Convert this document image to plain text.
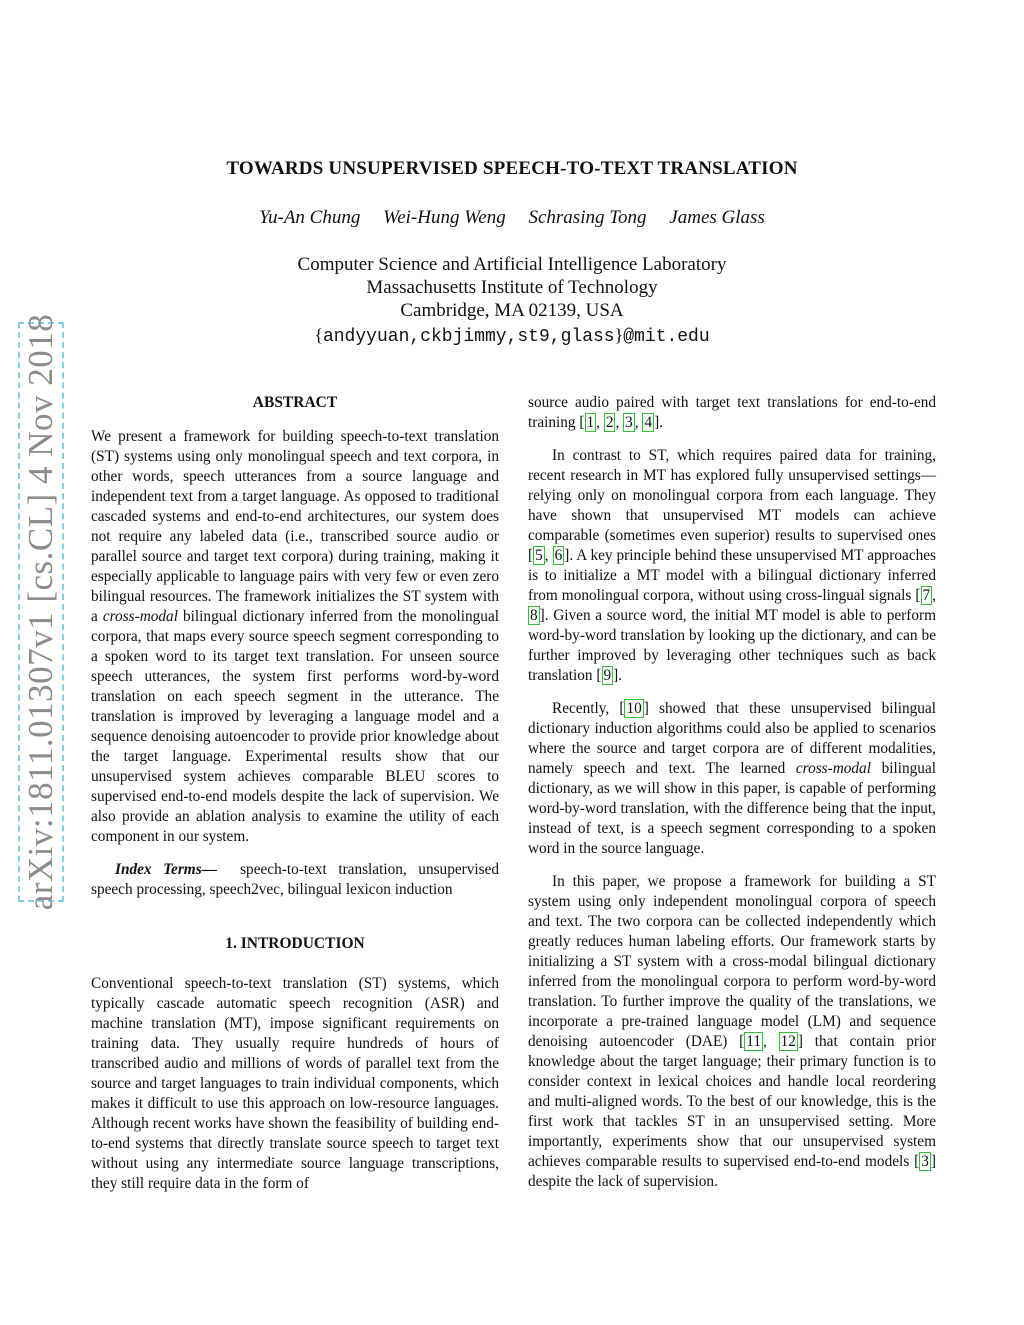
arXiv:1811.01307v1 [cs.CL] 4 Nov 2018
TOWARDS UNSUPERVISED SPEECH-TO-TEXT TRANSLATION
Yu-An Chung Wei-Hung Weng Schrasing Tong James Glass
Computer Science and Artificial Intelligence Laboratory
Massachusetts Institute of Technology
Cambridge, MA 02139, USA
{andyyuan,ckbjimmy,st9,glass}@mit.edu
ABSTRACT

We present a framework for building speech-to-text translation (ST) systems using only monolingual speech and text corpora, in other words, speech utterances from a source language and independent text from a target language. As opposed to traditional cascaded systems and end-to-end architectures, our system does not require any labeled data (i.e., transcribed source audio or parallel source and target text corpora) during training, making it especially applicable to language pairs with very few or even zero bilingual resources. The framework initializes the ST system with a cross-modal bilingual dictionary inferred from the monolingual corpora, that maps every source speech segment corresponding to a spoken word to its target text translation. For unseen source speech utterances, the system first performs word-by-word translation on each speech segment in the utterance. The translation is improved by leveraging a language model and a sequence denoising autoencoder to provide prior knowledge about the target language. Experimental results show that our unsupervised system achieves comparable BLEU scores to supervised end-to-end models despite the lack of supervision. We also provide an ablation analysis to examine the utility of each component in our system.

Index Terms— speech-to-text translation, unsupervised speech processing, speech2vec, bilingual lexicon induction

1. INTRODUCTION

Conventional speech-to-text translation (ST) systems, which typically cascade automatic speech recognition (ASR) and machine translation (MT), impose significant requirements on training data. They usually require hundreds of hours of transcribed audio and millions of words of parallel text from the source and target languages to train individual components, which makes it difficult to use this approach on low-resource languages. Although recent works have shown the feasibility of building end-to-end systems that directly translate source speech to target text without using any intermediate source language transcriptions, they still require data in the form of

source audio paired with target text translations for end-to-end training [ 1 , 2 , 3 , 4 ].

In contrast to ST, which requires paired data for training, recent research in MT has explored fully unsupervised settings—relying only on monolingual corpora from each language. They have shown that unsupervised MT models can achieve comparable (sometimes even superior) results to supervised ones [ 5 , 6 ]. A key principle behind these unsupervised MT approaches is to initialize a MT model with a bilingual dictionary inferred from monolingual corpora, without using cross-lingual signals [ 7 , 8 ]. Given a source word, the initial MT model is able to perform word-by-word translation by looking up the dictionary, and can be further improved by leveraging other techniques such as back translation [ 9 ].

Recently, [ 10 ] showed that these unsupervised bilingual dictionary induction algorithms could also be applied to scenarios where the source and target corpora are of different modalities, namely speech and text. The learned cross-modal bilingual dictionary, as we will show in this paper, is capable of performing word-by-word translation, with the difference being that the input, instead of text, is a speech segment corresponding to a spoken word in the source language.

In this paper, we propose a framework for building a ST system using only independent monolingual corpora of speech and text. The two corpora can be collected independently which greatly reduces human labeling efforts. Our framework starts by initializing a ST system with a cross-modal bilingual dictionary inferred from the monolingual corpora to perform word-by-word translation. To further improve the quality of the translations, we incorporate a pre-trained language model (LM) and sequence denoising autoencoder (DAE) [ 11 , 12 ] that contain prior knowledge about the target language; their primary function is to consider context in lexical choices and handle local reordering and multi-aligned words. To the best of our knowledge, this is the first work that tackles ST in an unsupervised setting. More importantly, experiments show that our unsupervised system achieves comparable results to supervised end-to-end models [ 3 ] despite the lack of supervision.
